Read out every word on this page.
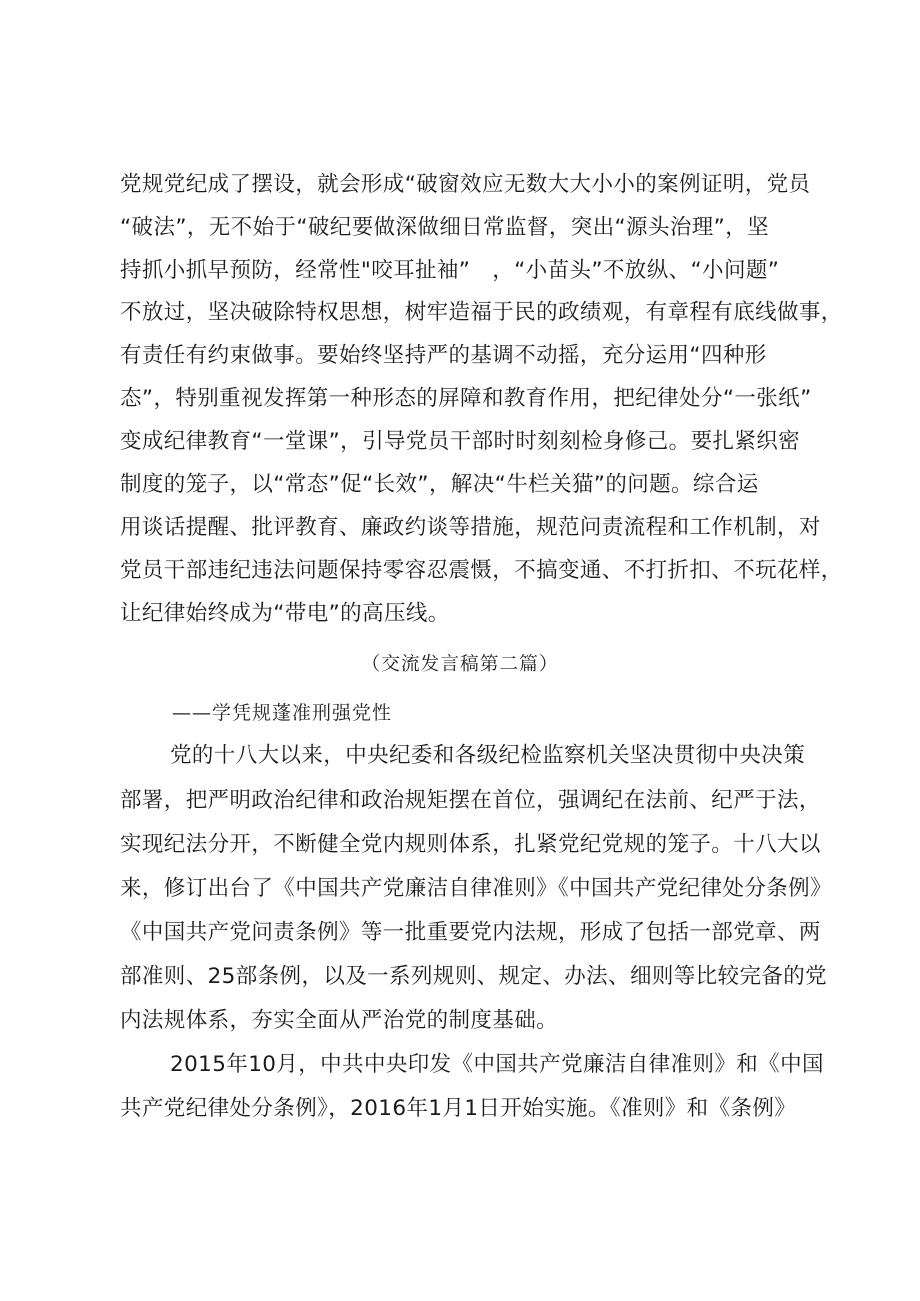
党规党纪成了摆设，就会形成“破窗效应无数大大小小的案例证明，党员
“破法”，无不始于“破纪要做深做细日常监督，突出“源头治理”，坚
持抓小抓早预防，经常性"咬耳扯袖”　，“小苗头”不放纵、“小问题”
不放过，坚决破除特权思想，树牢造福于民的政绩观，有章程有底线做事，
有责任有约束做事。要始终坚持严的基调不动摇，充分运用“四种形
态”，特别重视发挥第一种形态的屏障和教育作用，把纪律处分“一张纸”
变成纪律教育“一堂课”，引导党员干部时时刻刻检身修己。要扎紧织密
制度的笼子，以“常态”促“长效”，解决“牛栏关猫”的问题。综合运
用谈话提醒、批评教育、廉政约谈等措施，规范问责流程和工作机制，对
党员干部违纪违法问题保持零容忍震慑，不搞变通、不打折扣、不玩花样，
让纪律始终成为“带电”的高压线。
（交流发言稿第二篇）
——学凭规蓬准刑强党性
党的十八大以来，中央纪委和各级纪检监察机关坚决贯彻中央决策
部署，把严明政治纪律和政治规矩摆在首位，强调纪在法前、纪严于法，
实现纪法分开，不断健全党内规则体系，扎紧党纪党规的笼子。十八大以
来，修订出台了《中国共产党廉洁自律准则》《中国共产党纪律处分条例》
《中国共产党问责条例》等一批重要党内法规，形成了包括一部党章、两
部准则、25部条例，以及一系列规则、规定、办法、细则等比较完备的党
内法规体系，夯实全面从严治党的制度基础。
2015年10月，中共中央印发《中国共产党廉洁自律准则》和《中国
共产党纪律处分条例》，2016年1月1日开始实施。《准则》和《条例》
